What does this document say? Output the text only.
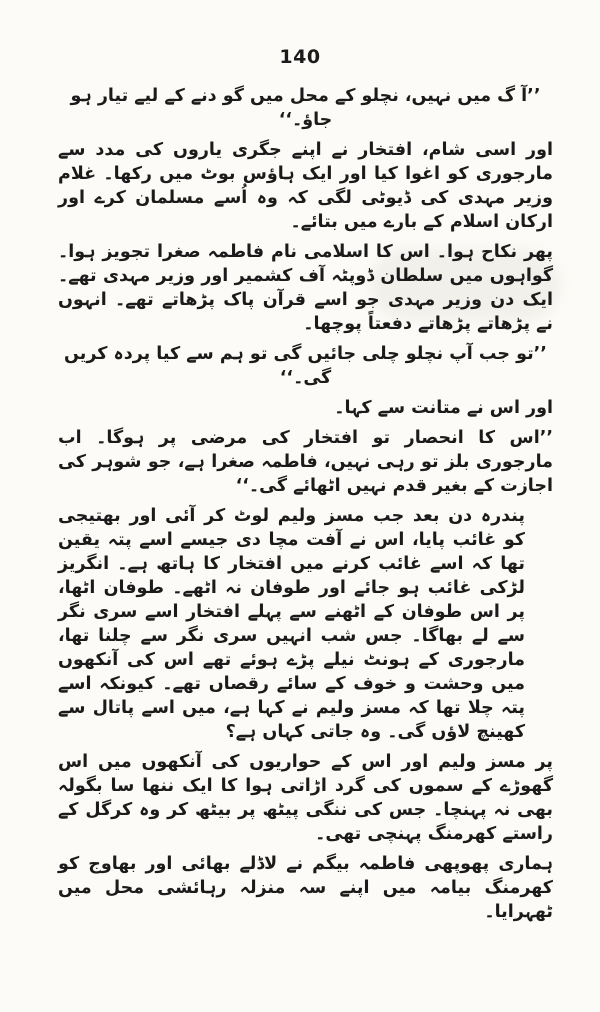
140

’’آ گ میں نہیں، نچلو کے محل میں گو دنے کے لیے تیار ہو جاؤ۔‘‘

اور اسی شام، افتخار نے اپنے جگری یاروں کی مدد سے مارجوری کو اغوا کیا اور ایک ہاؤس بوٹ میں رکھا۔ غلام وزیر مہدی کی ڈیوٹی لگی کہ وہ اُسے مسلمان کرے اور ارکان اسلام کے بارے میں بتائے۔

پھر نکاح ہوا۔ اس کا اسلامی نام فاطمہ صغرا تجویز ہوا۔ گواہوں میں سلطان ڈوپٹہ آف کشمیر اور وزیر مہدی تھے۔ ایک دن وزیر مہدی جو اسے قرآن پاک پڑھاتے تھے۔ انہوں نے پڑھاتے پڑھاتے دفعتاً پوچھا۔

’’تو جب آپ نچلو چلی جائیں گی تو ہم سے کیا پردہ کریں گی۔‘‘

اور اس نے متانت سے کہا۔

’’اس کا انحصار تو افتخار کی مرضی پر ہوگا۔ اب مارجوری بلز تو رہی نہیں، فاطمہ صغرا ہے، جو شوہر کی اجازت کے بغیر قدم نہیں اٹھائے گی۔‘‘

پندرہ دن بعد جب مسز ولیم لوٹ کر آئی اور بھتیجی کو غائب پایا، اس نے آفت مچا دی جیسے اسے پتہ یقین تھا کہ اسے غائب کرنے میں افتخار کا ہاتھ ہے۔ انگریز لڑکی غائب ہو جائے اور طوفان نہ اٹھے۔ طوفان اٹھا، پر اس طوفان کے اٹھنے سے پہلے افتخار اسے سری نگر سے لے بھاگا۔ جس شب انہیں سری نگر سے چلنا تھا، مارجوری کے ہونٹ نیلے پڑے ہوئے تھے اس کی آنکھوں میں وحشت و خوف کے سائے رقصاں تھے۔ کیونکہ اسے پتہ چلا تھا کہ مسز ولیم نے کہا ہے، میں اسے پاتال سے کھینچ لاؤں گی۔ وہ جاتی کہاں ہے؟

پر مسز ولیم اور اس کے حواریوں کی آنکھوں میں اس گھوڑے کے سموں کی گرد اڑاتی ہوا کا ایک ننھا سا بگولہ بھی نہ پہنچا۔ جس کی ننگی پیٹھ پر بیٹھ کر وہ کرگل کے راستے کھرمنگ پہنچی تھی۔

ہماری پھوپھی فاطمہ بیگم نے لاڈلے بھائی اور بھاوج کو کھرمنگ بیامہ میں اپنے سہ منزلہ رہائشی محل میں ٹھہرایا۔
